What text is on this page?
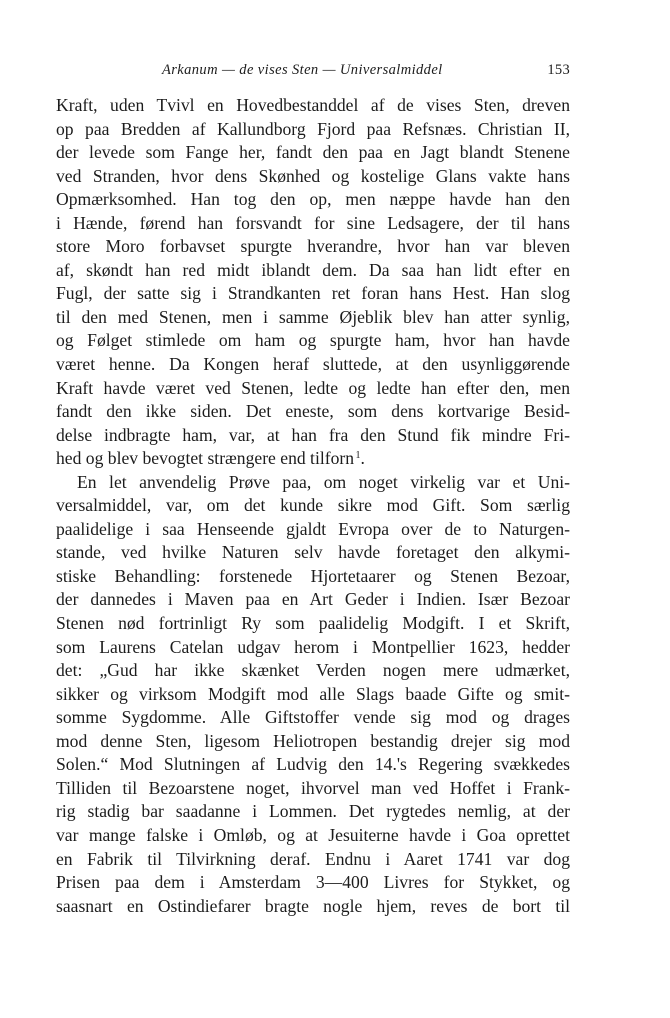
Arkanum — de vises Sten — Universalmiddel	153
Kraft, uden Tvivl en Hovedbestanddel af de vises Sten, dreven
op paa Bredden af Kallundborg Fjord paa Refsnæs. Christian II,
der levede som Fange her, fandt den paa en Jagt blandt Stenene
ved Stranden, hvor dens Skønhed og kostelige Glans vakte hans
Opmærksomhed. Han tog den op, men næppe havde han den
i Hænde, førend han forsvandt for sine Ledsagere, der til hans
store Moro forbavset spurgte hverandre, hvor han var bleven
af, skøndt han red midt iblandt dem. Da saa han lidt efter en
Fugl, der satte sig i Strandkanten ret foran hans Hest. Han slog
til den med Stenen, men i samme Øjeblik blev han atter synlig,
og Følget stimlede om ham og spurgte ham, hvor han havde
været henne. Da Kongen heraf sluttede, at den usynliggørende
Kraft havde været ved Stenen, ledte og ledte han efter den, men
fandt den ikke siden. Det eneste, som dens kortvarige Besid-
delse indbragte ham, var, at han fra den Stund fik mindre Fri-
hed og blev bevogtet strængere end tilforn $^1$.
En let anvendelig Prøve paa, om noget virkelig var et Uni-
versalmiddel, var, om det kunde sikre mod Gift. Som særlig
paalidelige i saa Henseende gjaldt Evropa over de to Naturgen-
stande, ved hvilke Naturen selv havde foretaget den alkymi-
stiske Behandling: forstenede Hjortetaarer og Stenen Bezoar,
der dannedes i Maven paa en Art Geder i Indien. Især Bezoar
Stenen nød fortrinligt Ry som paalidelig Modgift. I et Skrift,
som Laurens Catelan udgav herom i Montpellier 1623, hedder
det: „Gud har ikke skænket Verden nogen mere udmærket,
sikker og virksom Modgift mod alle Slags baade Gifte og smit-
somme Sygdomme. Alle Giftstoffer vende sig mod og drages
mod denne Sten, ligesom Heliotropen bestandig drejer sig mod
Solen.“ Mod Slutningen af Ludvig den 14.'s Regering svækkedes
Tilliden til Bezoarstene noget, ihvorvel man ved Hoffet i Frank-
rig stadig bar saadanne i Lommen. Det rygtedes nemlig, at der
var mange falske i Omløb, og at Jesuiterne havde i Goa oprettet
en Fabrik til Tilvirkning deraf. Endnu i Aaret 1741 var dog
Prisen paa dem i Amsterdam 3—400 Livres for Stykket, og
saasnart en Ostindiefarer bragte nogle hjem, reves de bort til
